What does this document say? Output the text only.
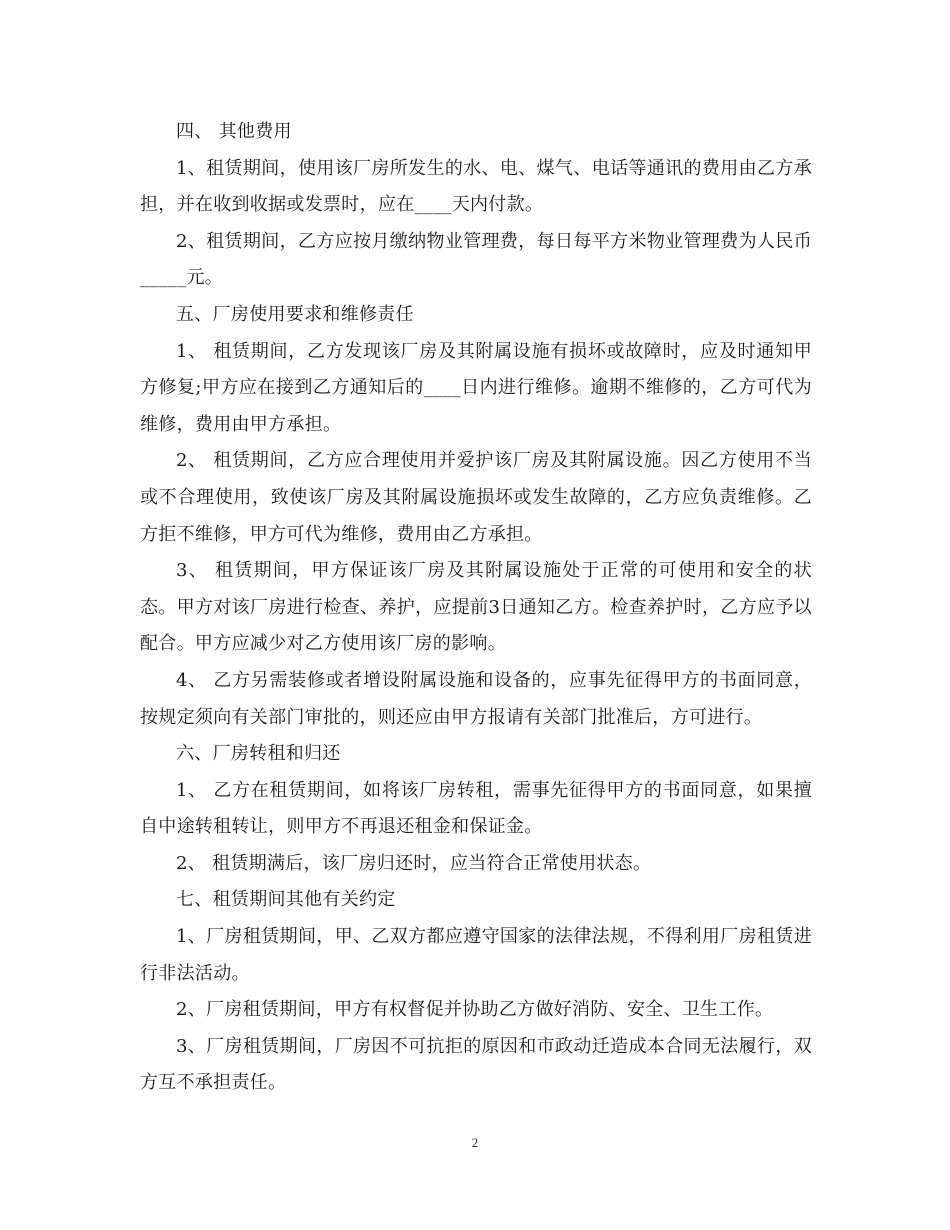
四、 其他费用

1、租赁期间，使用该厂房所发生的水、电、煤气、电话等通讯的费用由乙方承担，并在收到收据或发票时，应在____天内付款。

2、租赁期间，乙方应按月缴纳物业管理费，每日每平方米物业管理费为人民币_____元。

五、厂房使用要求和维修责任

1、 租赁期间，乙方发现该厂房及其附属设施有损坏或故障时，应及时通知甲方修复;甲方应在接到乙方通知后的____日内进行维修。逾期不维修的，乙方可代为维修，费用由甲方承担。

2、 租赁期间，乙方应合理使用并爱护该厂房及其附属设施。因乙方使用不当或不合理使用，致使该厂房及其附属设施损坏或发生故障的，乙方应负责维修。乙方拒不维修，甲方可代为维修，费用由乙方承担。

3、 租赁期间，甲方保证该厂房及其附属设施处于正常的可使用和安全的状态。甲方对该厂房进行检查、养护，应提前3日通知乙方。检查养护时，乙方应予以配合。甲方应减少对乙方使用该厂房的影响。

4、 乙方另需装修或者增设附属设施和设备的，应事先征得甲方的书面同意，按规定须向有关部门审批的，则还应由甲方报请有关部门批准后，方可进行。

六、厂房转租和归还

1、 乙方在租赁期间，如将该厂房转租，需事先征得甲方的书面同意，如果擅自中途转租转让，则甲方不再退还租金和保证金。

2、 租赁期满后，该厂房归还时，应当符合正常使用状态。

七、租赁期间其他有关约定

1、厂房租赁期间，甲、乙双方都应遵守国家的法律法规，不得利用厂房租赁进行非法活动。

2、厂房租赁期间，甲方有权督促并协助乙方做好消防、安全、卫生工作。

3、厂房租赁期间，厂房因不可抗拒的原因和市政动迁造成本合同无法履行，双方互不承担责任。

2
